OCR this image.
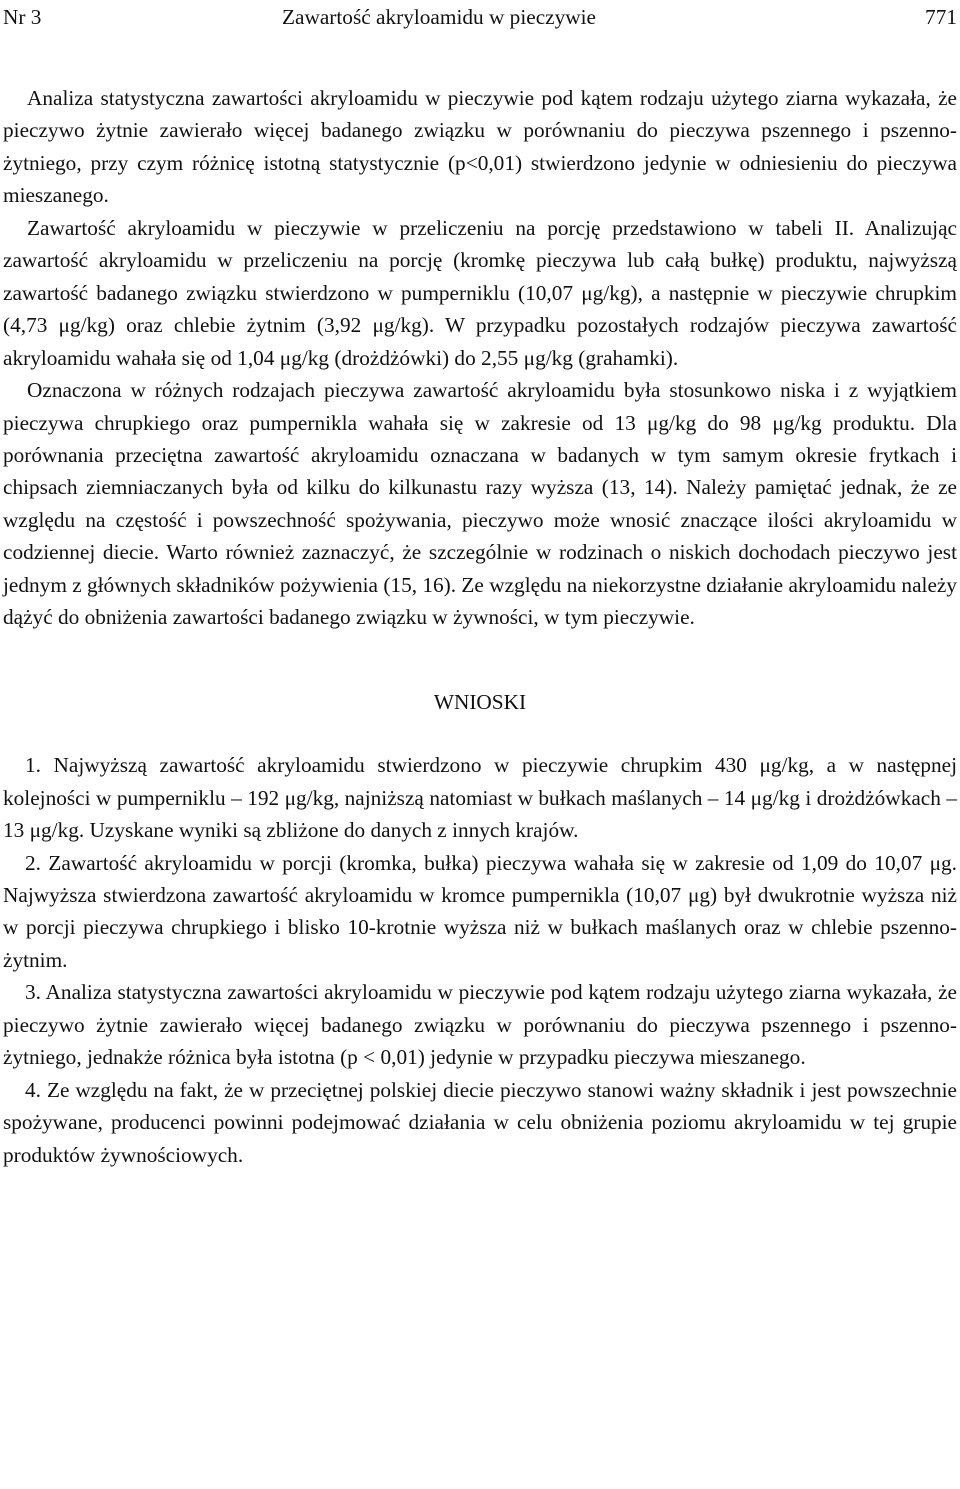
Nr 3	Zawartość akryloamidu w pieczywie	771

Analiza statystyczna zawartości akryloamidu w pieczywie pod kątem rodzaju użytego ziarna wykazała, że pieczywo żytnie zawierało więcej badanego związku w porównaniu do pieczywa pszennego i pszenno-żytniego, przy czym różnicę istotną statystycznie (p<0,01) stwierdzono jedynie w odniesieniu do pieczywa mieszanego.

Zawartość akryloamidu w pieczywie w przeliczeniu na porcję przedstawiono w tabeli II. Analizując zawartość akryloamidu w przeliczeniu na porcję (kromkę pieczywa lub całą bułkę) produktu, najwyższą zawartość badanego związku stwierdzono w pumperniklu (10,07 μg/kg), a następnie w pieczywie chrupkim (4,73 μg/kg) oraz chlebie żytnim (3,92 μg/kg). W przypadku pozostałych rodzajów pieczywa zawartość akryloamidu wahała się od 1,04 μg/kg (drożdżówki) do 2,55 μg/kg (grahamki).

Oznaczona w różnych rodzajach pieczywa zawartość akryloamidu była stosunkowo niska i z wyjątkiem pieczywa chrupkiego oraz pumpernikla wahała się w zakresie od 13 μg/kg do 98 μg/kg produktu. Dla porównania przeciętna zawartość akryloamidu oznaczana w badanych w tym samym okresie frytkach i chipsach ziemniaczanych była od kilku do kilkunastu razy wyższa (13, 14). Należy pamiętać jednak, że ze względu na częstość i powszechność spożywania, pieczywo może wnosić znaczące ilości akryloamidu w codziennej diecie. Warto również zaznaczyć, że szczególnie w rodzinach o niskich dochodach pieczywo jest jednym z głównych składników pożywienia (15, 16). Ze względu na niekorzystne działanie akryloamidu należy dążyć do obniżenia zawartości badanego związku w żywności, w tym pieczywie.

WNIOSKI

1. Najwyższą zawartość akryloamidu stwierdzono w pieczywie chrupkim 430 μg/kg, a w następnej kolejności w pumperniklu – 192 μg/kg, najniższą natomiast w bułkach maślanych – 14 μg/kg i drożdżówkach – 13 μg/kg. Uzyskane wyniki są zbliżone do danych z innych krajów.

2. Zawartość akryloamidu w porcji (kromka, bułka) pieczywa wahała się w zakresie od 1,09 do 10,07 μg. Najwyższa stwierdzona zawartość akryloamidu w kromce pumpernikla (10,07 μg) był dwukrotnie wyższa niż w porcji pieczywa chrupkiego i blisko 10-krotnie wyższa niż w bułkach maślanych oraz w chlebie pszenno-żytnim.

3. Analiza statystyczna zawartości akryloamidu w pieczywie pod kątem rodzaju użytego ziarna wykazała, że pieczywo żytnie zawierało więcej badanego związku w porównaniu do pieczywa pszennego i pszenno-żytniego, jednakże różnica była istotna (p < 0,01) jedynie w przypadku pieczywa mieszanego.

4. Ze względu na fakt, że w przeciętnej polskiej diecie pieczywo stanowi ważny składnik i jest powszechnie spożywane, producenci powinni podejmować działania w celu obniżenia poziomu akryloamidu w tej grupie produktów żywnościowych.
